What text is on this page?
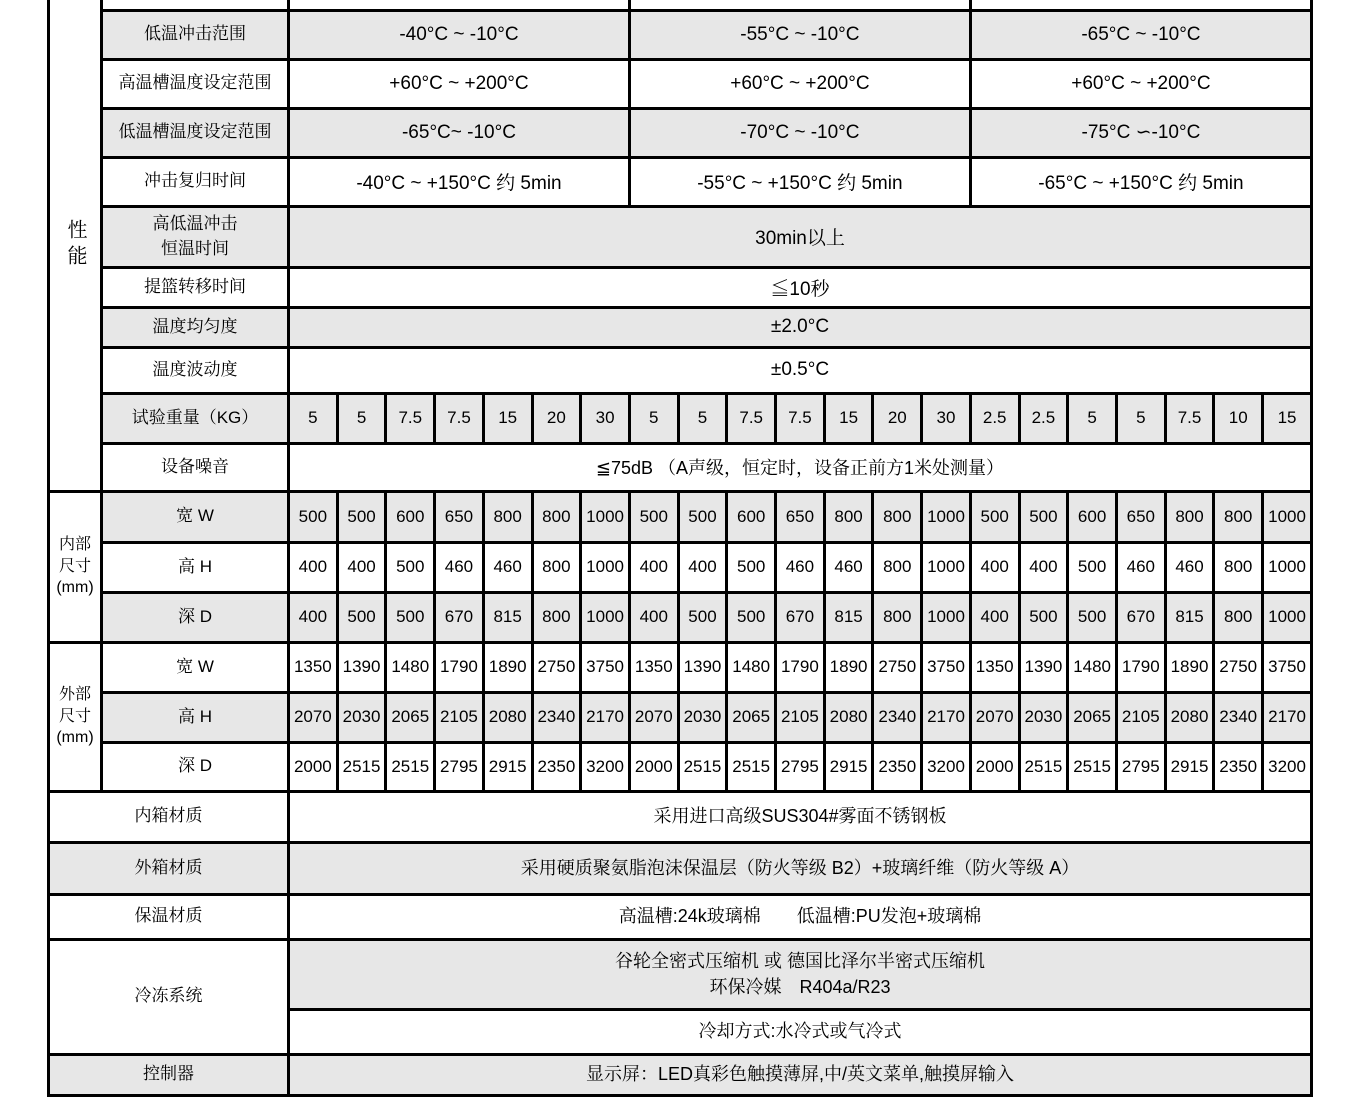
性能																						

	低温冲击范围	-40°C ~ -10°C							-55°C ~ -10°C							-65°C ~ -10°C						
	高温槽温度设定范围	+60°C ~ +200°C							+60°C ~ +200°C							+60°C ~ +200°C						
	低温槽温度设定范围	-65°C~ -10°C							-70°C ~ -10°C							-75°C ∽-10°C						
	冲击复归时间	-40°C ~ +150°C 约 5min							-55°C ~ +150°C 约 5min							-65°C ~ +150°C 约 5min						

	高低温冲击
恒温时间	30min以上																				
	提篮转移时间	≦10秒																				
	温度均匀度	±2.0°C																				
	温度波动度	±0.5°C																				
	试验重量（KG）	5	5	7.5	7.5	15	20	30	5	5	7.5	7.5	15	20	30	2.5	2.5	5	5	7.5	10	15
	设备噪音	≦75dB （A声级，恒定时，设备正前方1米处测量）																				
内部尺寸(mm)	宽 W	500	500	600	650	800	800	1000	500	500	600	650	800	800	1000	500	500	600	650	800	800	1000
	高 H	400	400	500	460	460	800	1000	400	400	500	460	460	800	1000	400	400	500	460	460	800	1000
	深 D	400	500	500	670	815	800	1000	400	500	500	670	815	800	1000	400	500	500	670	815	800	1000
外部尺寸(mm)	宽 W	1350	1390	1480	1790	1890	2750	3750	1350	1390	1480	1790	1890	2750	3750	1350	1390	1480	1790	1890	2750	3750
	高 H	2070	2030	2065	2105	2080	2340	2170	2070	2030	2065	2105	2080	2340	2170	2070	2030	2065	2105	2080	2340	2170
	深 D	2000	2515	2515	2795	2915	2350	3200	2000	2515	2515	2795	2915	2350	3200	2000	2515	2515	2795	2915	2350	3200
内箱材质		采用进口高级SUS304#雾面不锈钢板																				
外箱材质		采用硬质聚氨脂泡沫保温层（防火等级 B2）+玻璃纤维（防火等级 A）																				
保温材质		高温槽:24k玻璃棉　　低温槽:PU发泡+玻璃棉																				
冷冻系统		谷轮全密式压缩机 或 德国比泽尔半密式压缩机
环保冷媒　R404a/R23																				

		冷却方式:水冷式或气冷式																				
控制器		显示屏：LED真彩色触摸薄屏,中/英文菜单,触摸屏输入																				
